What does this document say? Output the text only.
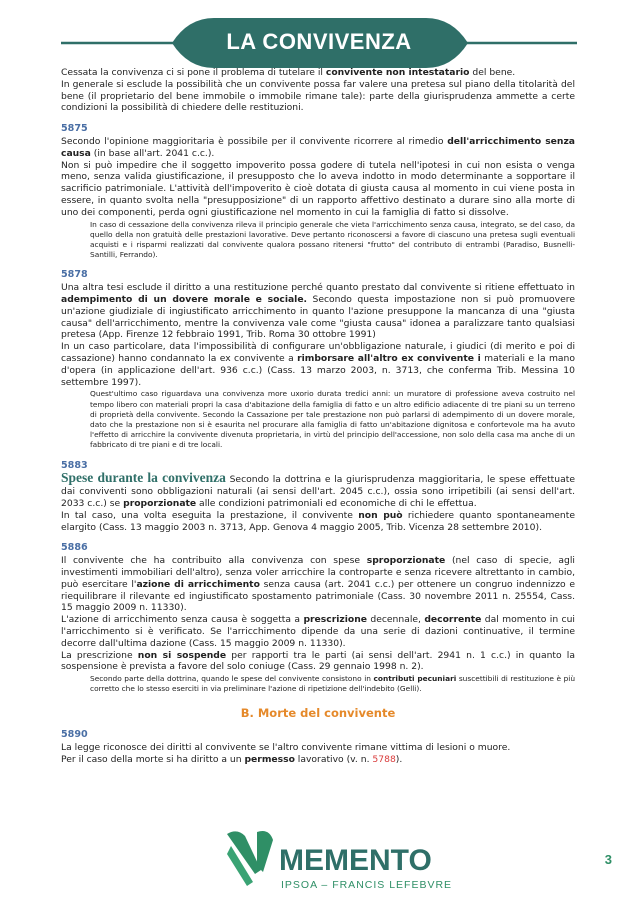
LA CONVIVENZA

Cessata la convivenza ci si pone il problema di tutelare il convivente non intestatario del bene.

In generale si esclude la possibilità che un convivente possa far valere una pretesa sul piano della titolarità del bene (il proprietario del bene immobile o immobile rimane tale): parte della giurisprudenza ammette a certe condizioni la possibilità di chiedere delle restituzioni.

5875

Secondo l'opinione maggioritaria è possibile per il convivente ricorrere al rimedio dell'arricchimento senza causa (in base all'art. 2041 c.c.).

Non si può impedire che il soggetto impoverito possa godere di tutela nell'ipotesi in cui non esista o venga meno, senza valida giustificazione, il presupposto che lo aveva indotto in modo determinante a sopportare il sacrificio patrimoniale. L'attività dell'impoverito è cioè dotata di giusta causa al momento in cui viene posta in essere, in quanto svolta nella "presupposizione" di un rapporto affettivo destinato a durare sino alla morte di uno dei componenti, perda ogni giustificazione nel momento in cui la famiglia di fatto si dissolve.

In caso di cessazione della convivenza rileva il principio generale che vieta l'arricchimento senza causa, integrato, se del caso, da quello della non gratuità delle prestazioni lavorative. Deve pertanto riconoscersi a favore di ciascuno una pretesa sugli eventuali acquisti e i risparmi realizzati dal convivente qualora possano ritenersi "frutto" del contributo di entrambi (Paradiso, Busnelli-Santilli, Ferrando).

5878

Una altra tesi esclude il diritto a una restituzione perché quanto prestato dal convivente si ritiene effettuato in adempimento di un dovere morale e sociale. Secondo questa impostazione non si può promuovere un'azione giudiziale di ingiustificato arricchimento in quanto l'azione presuppone la mancanza di una "giusta causa" dell'arricchimento, mentre la convivenza vale come "giusta causa" idonea a paralizzare tanto qualsiasi pretesa (App. Firenze 12 febbraio 1991, Trib. Roma 30 ottobre 1991)

In un caso particolare, data l'impossibilità di configurare un'obbligazione naturale, i giudici (di merito e poi di cassazione) hanno condannato la ex convivente a rimborsare all'altro ex convivente i materiali e la mano d'opera (in applicazione dell'art. 936 c.c.) (Cass. 13 marzo 2003, n. 3713, che conferma Trib. Messina 10 settembre 1997).

Quest'ultimo caso riguardava una convivenza more uxorio durata tredici anni: un muratore di professione aveva costruito nel tempo libero con materiali propri la casa d'abitazione della famiglia di fatto e un altro edificio adiacente di tre piani su un terreno di proprietà della convivente. Secondo la Cassazione per tale prestazione non può parlarsi di adempimento di un dovere morale, dato che la prestazione non si è esaurita nel procurare alla famiglia di fatto un'abitazione dignitosa e confortevole ma ha avuto l'effetto di arricchire la convivente divenuta proprietaria, in virtù del principio dell'accessione, non solo della casa ma anche di un fabbricato di tre piani e di tre locali.

5883

Spese durante la convivenza Secondo la dottrina e la giurisprudenza maggioritaria, le spese effettuate dai conviventi sono obbligazioni naturali (ai sensi dell'art. 2045 c.c.), ossia sono irripetibili (ai sensi dell'art. 2033 c.c.) se proporzionate alle condizioni patrimoniali ed economiche di chi le effettua.

In tal caso, una volta eseguita la prestazione, il convivente non può richiedere quanto spontaneamente elargito (Cass. 13 maggio 2003 n. 3713, App. Genova 4 maggio 2005, Trib. Vicenza 28 settembre 2010).

5886

Il convivente che ha contribuito alla convivenza con spese sproporzionate (nel caso di specie, agli investimenti immobiliari dell'altro), senza voler arricchire la controparte e senza ricevere altrettanto in cambio, può esercitare l'azione di arricchimento senza causa (art. 2041 c.c.) per ottenere un congruo indennizzo e riequilibrare il rilevante ed ingiustificato spostamento patrimoniale (Cass. 30 novembre 2011 n. 25554, Cass. 15 maggio 2009 n. 11330).

L'azione di arricchimento senza causa è soggetta a prescrizione decennale, decorrente dal momento in cui l'arricchimento si è verificato. Se l'arricchimento dipende da una serie di dazioni continuative, il termine decorre dall'ultima dazione (Cass. 15 maggio 2009 n. 11330).

La prescrizione non si sospende per rapporti tra le parti (ai sensi dell'art. 2941 n. 1 c.c.) in quanto la sospensione è prevista a favore del solo coniuge (Cass. 29 gennaio 1998 n. 2).

Secondo parte della dottrina, quando le spese del convivente consistono in contributi pecuniari suscettibili di restituzione è più corretto che lo stesso eserciti in via preliminare l'azione di ripetizione dell'indebito (Gelli).

B. Morte del convivente
5890

La legge riconosce dei diritti al convivente se l'altro convivente rimane vittima di lesioni o muore.

Per il caso della morte si ha diritto a un permesso lavorativo (v. n. 5788).

MEMENTO
IPSOA – FRANCIS LEFEBVRE
3
